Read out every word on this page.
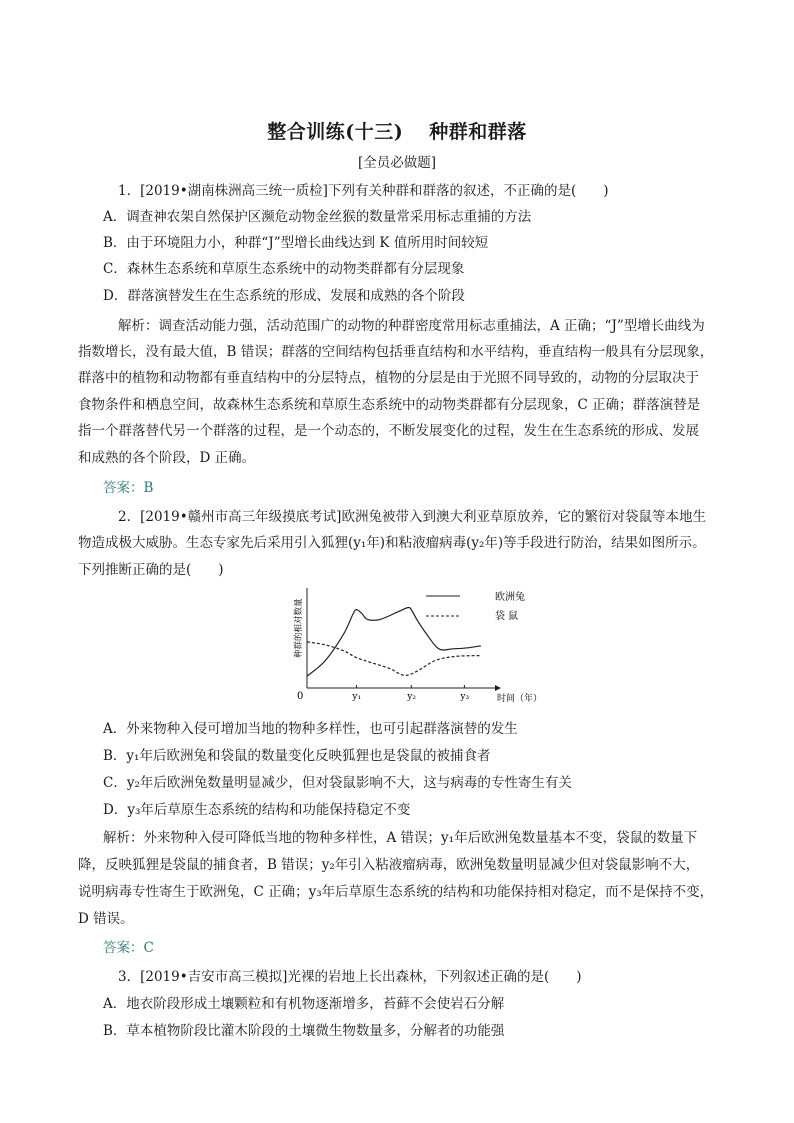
整合训练(十三) 种群和群落
[全员必做题]
1．[2019•湖南株洲高三统一质检]下列有关种群和群落的叙述，不正确的是(　　)
A．调查神农架自然保护区濒危动物金丝猴的数量常采用标志重捕的方法
B．由于环境阻力小，种群“J”型增长曲线达到 K 值所用时间较短
C．森林生态系统和草原生态系统中的动物类群都有分层现象
D．群落演替发生在生态系统的形成、发展和成熟的各个阶段
解析：调查活动能力强，活动范围广的动物的种群密度常用标志重捕法，A 正确；“J”型增长曲线为
指数增长，没有最大值，B 错误；群落的空间结构包括垂直结构和水平结构，垂直结构一般具有分层现象，
群落中的植物和动物都有垂直结构中的分层特点，植物的分层是由于光照不同导致的，动物的分层取决于
食物条件和栖息空间，故森林生态系统和草原生态系统中的动物类群都有分层现象，C 正确；群落演替是
指一个群落替代另一个群落的过程，是一个动态的，不断发展变化的过程，发生在生态系统的形成、发展
和成熟的各个阶段，D 正确。
答案：B
2．[2019•赣州市高三年级摸底考试]欧洲兔被带入到澳大利亚草原放养，它的繁衍对袋鼠等本地生
物造成极大威胁。生态专家先后采用引入狐狸(y₁年)和粘液瘤病毒(y₂年)等手段进行防治，结果如图所示。
下列推断正确的是(　　)
0
种群的相对数量
时间（年）
y₁	y₂	y₃
欧洲兔
袋 鼠
A．外来物种入侵可增加当地的物种多样性，也可引起群落演替的发生
B．y₁年后欧洲兔和袋鼠的数量变化反映狐狸也是袋鼠的被捕食者
C．y₂年后欧洲兔数量明显减少，但对袋鼠影响不大，这与病毒的专性寄生有关
D．y₃年后草原生态系统的结构和功能保持稳定不变
解析：外来物种入侵可降低当地的物种多样性，A 错误；y₁年后欧洲兔数量基本不变，袋鼠的数量下
降，反映狐狸是袋鼠的捕食者，B 错误；y₂年引入粘液瘤病毒，欧洲兔数量明显减少但对袋鼠影响不大，
说明病毒专性寄生于欧洲兔，C 正确；y₃年后草原生态系统的结构和功能保持相对稳定，而不是保持不变，
D 错误。
答案：C
3．[2019•吉安市高三模拟]光裸的岩地上长出森林，下列叙述正确的是(　　)
A．地衣阶段形成土壤颗粒和有机物逐渐增多，苔藓不会使岩石分解
B．草本植物阶段比灌木阶段的土壤微生物数量多，分解者的功能强
